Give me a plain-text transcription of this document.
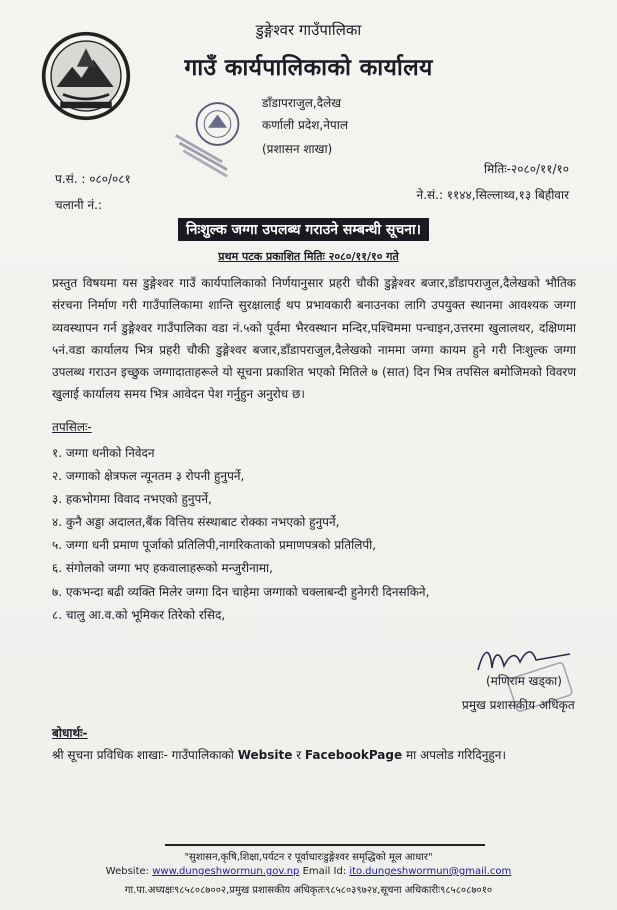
डुङ्गेश्वर गाउँपालिका
गाउँ कार्यपालिकाको कार्यालय
डाँडापराजुल,दैलेख
कर्णाली प्रदेश,नेपाल
(प्रशासन शाखा)
प.सं. : ०८०/०८१
चलानी नं.:
मितिः-२०८०/११/१०
ने.सं.: ११४४,सिल्लाथ्व,१३ बिहीवार
निःशुल्क जग्गा उपलब्ध गराउने सम्बन्धी सूचना।
प्रथम पटक प्रकाशित मितिः २०८०/११/१० गते
प्रस्तुत विषयमा यस डुङ्गेश्वर गाउँ कार्यपालिकाको निर्णयानुसार प्रहरी चौकी डुङ्गेश्वर बजार,डाँडापराजुल,दैलेखको भौतिक संरचना निर्माण गरी गाउँपालिकामा शान्ति सुरक्षालाई थप प्रभावकारी बनाउनका लागि उपयुक्त स्थानमा आवश्यक जग्गा व्यवस्थापन गर्न डुङ्गेश्वर गाउँपालिका वडा नं.५को पूर्वमा भैरवस्थान मन्दिर,पश्चिममा पन्चाइन,उत्तरमा खुलालथर, दक्षिणमा ५नं.वडा कार्यालय भित्र प्रहरी चौकी डुङ्गेश्वर बजार,डाँडापराजुल,दैलेखको नाममा जग्गा कायम हुने गरी निःशुल्क जग्गा उपलब्ध गराउन इच्छुक जग्गादाताहरूले यो सूचना प्रकाशित भएको मितिले ७ (सात) दिन भित्र तपसिल बमोजिमको विवरण खुलाई कार्यालय समय भित्र आवेदन पेश गर्नुहुन अनुरोध छ।
तपसिलः-
१. जग्गा धनीको निवेदन
२. जग्गाको क्षेत्रफल न्यूनतम ३ रोपनी हुनुपर्ने,
३. हकभोगमा विवाद नभएको हुनुपर्ने,
४. कुनै अड्डा अदालत,बैंक वित्तिय संस्थाबाट रोक्का नभएको हुनुपर्ने,
५. जग्गा धनी प्रमाण पूर्जाको प्रतिलिपी,नागरिकताको प्रमाणपत्रको प्रतिलिपी,
६. संगोलको जग्गा भए हकवालाहरूको मन्जुरीनामा,
७. एकभन्दा बढी व्यक्ति मिलेर जग्गा दिन चाहेमा जग्गाको चक्लाबन्दी हुनेगरी दिनसकिने,
८. चालु आ.व.को भूमिकर तिरेको रसिद,
(मणिराम खड्का)
प्रमुख प्रशासकीय अधिकृत
बोधार्थः-
श्री सूचना प्रविधिक शाखाः- गाउँपालिकाको Website र FacebookPage मा अपलोड गरिदिनुहुन।
"सुशासन,कृषि,शिक्षा,पर्यटन र पूर्वाधारःडुङ्गेश्वर समृद्धिको मूल आधार"
Website: www.dungeshwormun.gov.np Email Id: ito.dungeshwormun@gmail.com
गा.पा.अध्यक्षः९८५८०८७००२,प्रमुख प्रशासकीय अधिकृतः९८५८०३९७२४,सूचना अधिकारीः९८५८०८७०१०
